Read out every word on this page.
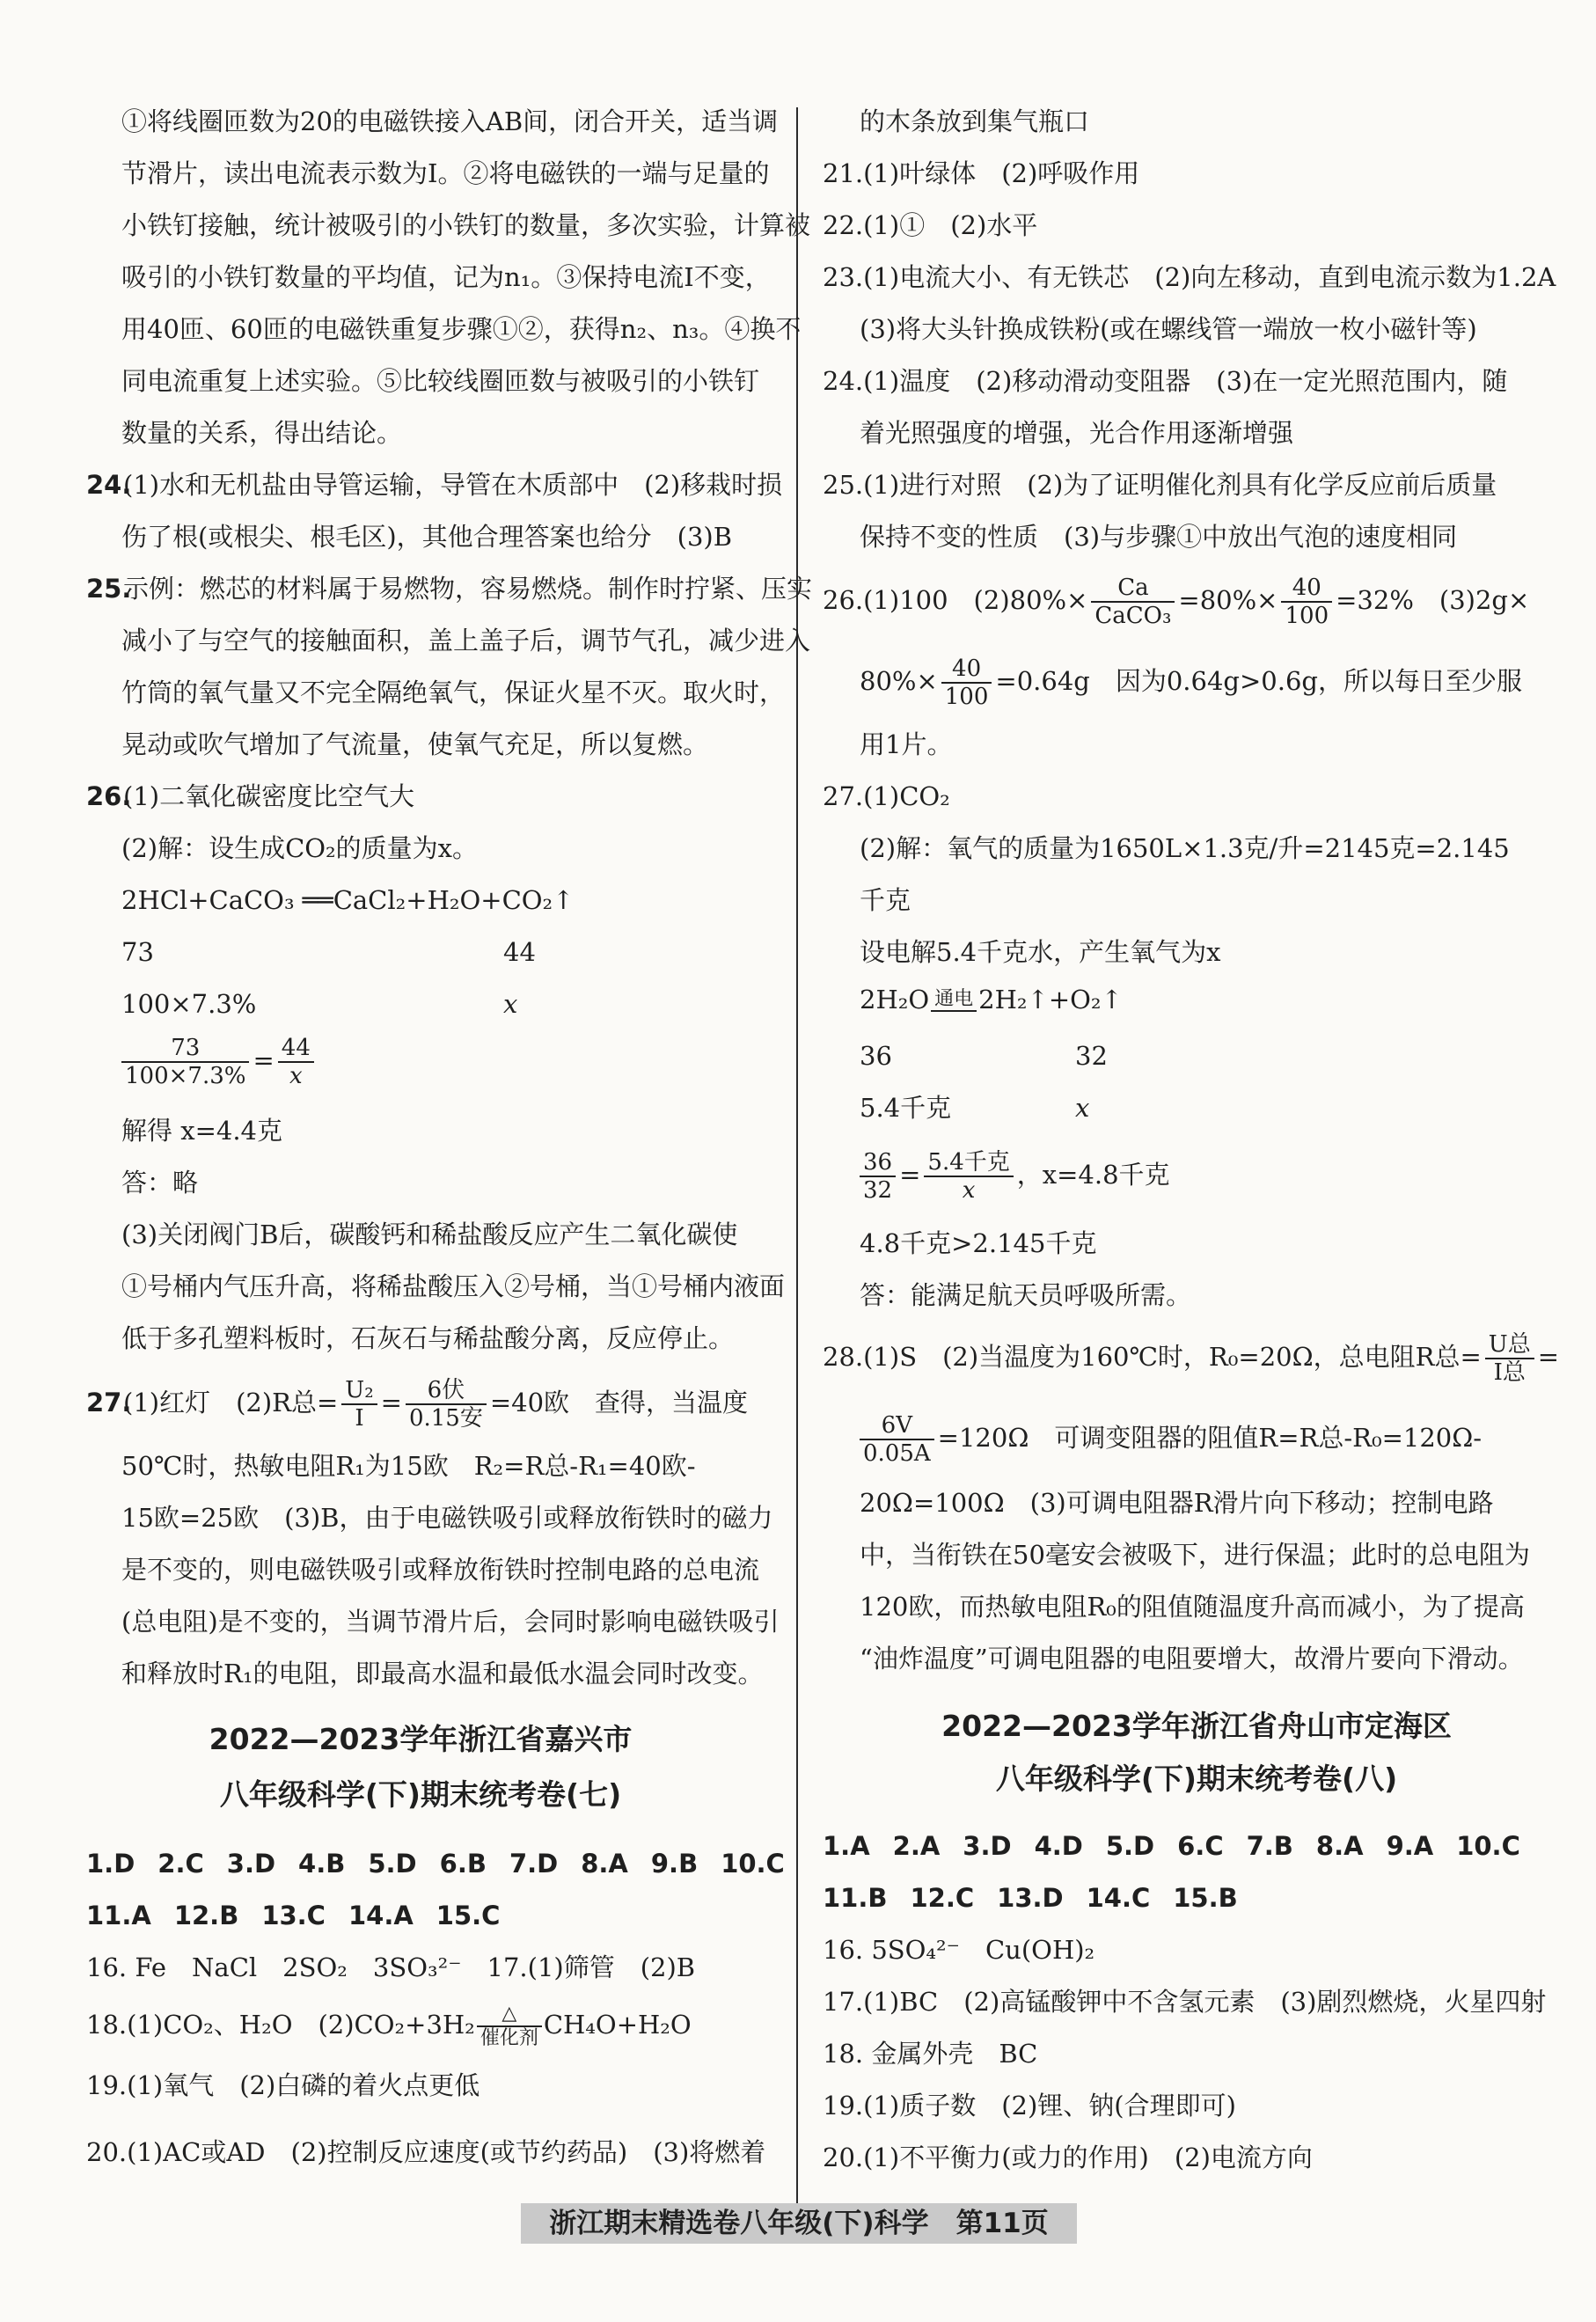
①将线圈匝数为20的电磁铁接入AB间，闭合开关，适当调
节滑片，读出电流表示数为I。②将电磁铁的一端与足量的
小铁钉接触，统计被吸引的小铁钉的数量，多次实验，计算被
吸引的小铁钉数量的平均值，记为n₁。③保持电流I不变，
用40匝、60匝的电磁铁重复步骤①②，获得n₂、n₃。④换不
同电流重复上述实验。⑤比较线圈匝数与被吸引的小铁钉
数量的关系，得出结论。
24.
(1)水和无机盐由导管运输，导管在木质部中　(2)移栽时损
伤了根(或根尖、根毛区)，其他合理答案也给分　(3)B
25.
示例：燃芯的材料属于易燃物，容易燃烧。制作时拧紧、压实
减小了与空气的接触面积，盖上盖子后，调节气孔，减少进入
竹筒的氧气量又不完全隔绝氧气，保证火星不灭。取火时，
晃动或吹气增加了气流量，使氧气充足，所以复燃。
26.
(1)二氧化碳密度比空气大
(2)解：设生成CO₂的质量为x。
2HCl+CaCO₃ ══CaCl₂+H₂O+CO₂↑
73	44
100×7.3%	x
$\frac{73}{100\times 7.3\%} = \frac{44}{x}$
解得 x=4.4克
答：略
(3)关闭阀门B后，碳酸钙和稀盐酸反应产生二氧化碳使
①号桶内气压升高，将稀盐酸压入②号桶，当①号桶内液面
低于多孔塑料板时，石灰石与稀盐酸分离，反应停止。
27.
(1)红灯　(2)R总= $\frac{\text{U₂}}{I} = \frac{\text{6伏}}{\text{0.15安}} =40$欧　查得，当温度
50℃时，热敏电阻R₁为15欧　R₂=R总-R₁=40欧-
15欧=25欧　(3)B，由于电磁铁吸引或释放衔铁时的磁力
是不变的，则电磁铁吸引或释放衔铁时控制电路的总电流
(总电阻)是不变的，当调节滑片后，会同时影响电磁铁吸引
和释放时R₁的电阻，即最高水温和最低水温会同时改变。
2022—2023学年浙江省嘉兴市
八年级科学(下)期末统考卷(七)
1.D 2.C 3.D 4.B 5.D 6.B 7.D 8.A 9.B 10.C
11.A 12.B 13.C 14.A 15.C
16. Fe　NaCl　2SO₂　3SO₃²⁻　17.(1)筛管　(2)B
18.(1)CO₂、H₂O　$(2)CO_2+3H_2 \frac{\triangle}{\text{催化剂}} CH_4O+H_2O$
19.(1)氧气　(2)白磷的着火点更低
20.(1)AC或AD　(2)控制反应速度(或节约药品)　(3)将燃着
的木条放到集气瓶口
21.(1)叶绿体　(2)呼吸作用
22.(1)①　(2)水平
23.(1)电流大小、有无铁芯　(2)向左移动，直到电流示数为1.2A
(3)将大头针换成铁粉(或在螺线管一端放一枚小磁针等)
24.(1)温度　(2)移动滑动变阻器　(3)在一定光照范围内，随
着光照强度的增强，光合作用逐渐增强
25.(1)进行对照　(2)为了证明催化剂具有化学反应前后质量
保持不变的性质　(3)与步骤①中放出气泡的速度相同
26.(1)100　$(2)80\%\times \frac{Ca}{\text{CaCO₃}} =80\%\times \frac{40}{100} =32\%$　(3)2g×
$80\%\times \frac{40}{100} =0.64g$　因为0.64g>0.6g，所以每日至少服
用1片。
27.(1)CO₂
(2)解：氧气的质量为1650L×1.3克/升=2145克=2.145
千克
设电解5.4千克水，产生氧气为x
2H₂O 通电 2H₂↑+O₂↑
36	32
5.4千克	x
$\frac{36}{32} = \frac{\text{5.4千克}}{x}$ ，x=4.8千克
4.8千克>2.145千克
答：能满足航天员呼吸所需。
28.(1)S　(2)当温度为160℃时，R₀=20Ω，总电阻R总= $\frac{\text{U总}}{\text{I总}}$ =
$\frac{6V}{0.05A} =120\Omega$　可调变阻器的阻值R=R总-R₀=120Ω-
20Ω=100Ω　(3)可调电阻器R滑片向下移动；控制电路
中，当衔铁在50毫安会被吸下，进行保温；此时的总电阻为
120欧，而热敏电阻R₀的阻值随温度升高而减小，为了提高
“油炸温度”可调电阻器的电阻要增大，故滑片要向下滑动。
2022—2023学年浙江省舟山市定海区
八年级科学(下)期末统考卷(八)
1.A 2.A 3.D 4.D 5.D 6.C 7.B 8.A 9.A 10.C
11.B 12.C 13.D 14.C 15.B
16. 5SO₄²⁻　Cu(OH)₂
17.(1)BC　(2)高锰酸钾中不含氢元素　(3)剧烈燃烧，火星四射
18. 金属外壳　BC
19.(1)质子数　(2)锂、钠(合理即可)
20.(1)不平衡力(或力的作用)　(2)电流方向
浙江期末精选卷八年级(下)科学　第11页
